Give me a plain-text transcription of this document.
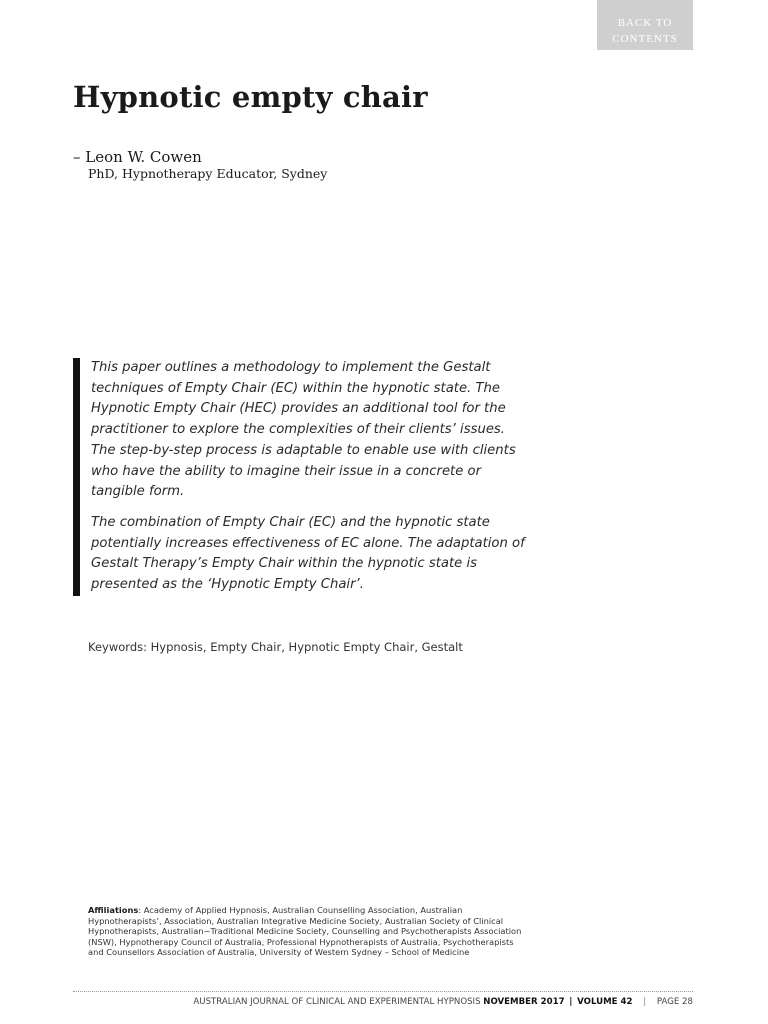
BACK TO
CONTENTS
Hypnotic empty chair
– Leon W. Cowen
PhD, Hypnotherapy Educator, Sydney

This paper outlines a methodology to implement the Gestalt techniques of Empty Chair (EC) within the hypnotic state. The Hypnotic Empty Chair (HEC) provides an additional tool for the practitioner to explore the complexities of their clients’ issues. The step-by-step process is adaptable to enable use with clients who have the ability to imagine their issue in a concrete or tangible form.

The combination of Empty Chair (EC) and the hypnotic state potentially increases effectiveness of EC alone. The adaptation of Gestalt Therapy’s Empty Chair within the hypnotic state is presented as the ‘Hypnotic Empty Chair’.

Keywords: Hypnosis, Empty Chair, Hypnotic Empty Chair, Gestalt
Affiliations: Academy of Applied Hypnosis, Australian Counselling Association, Australian Hypnotherapists’, Association, Australian Integrative Medicine Society, Australian Society of Clinical Hypnotherapists, Australian~Traditional Medicine Society, Counselling and Psychotherapists Association (NSW), Hypnotherapy Council of Australia, Professional Hypnotherapists of Australia, Psychotherapists and Counsellors Association of Australia, University of Western Sydney – School of Medicine
AUSTRALIAN JOURNAL OF CLINICAL AND EXPERIMENTAL HYPNOSIS NOVEMBER 2017 | VOLUME 42 | PAGE 28
